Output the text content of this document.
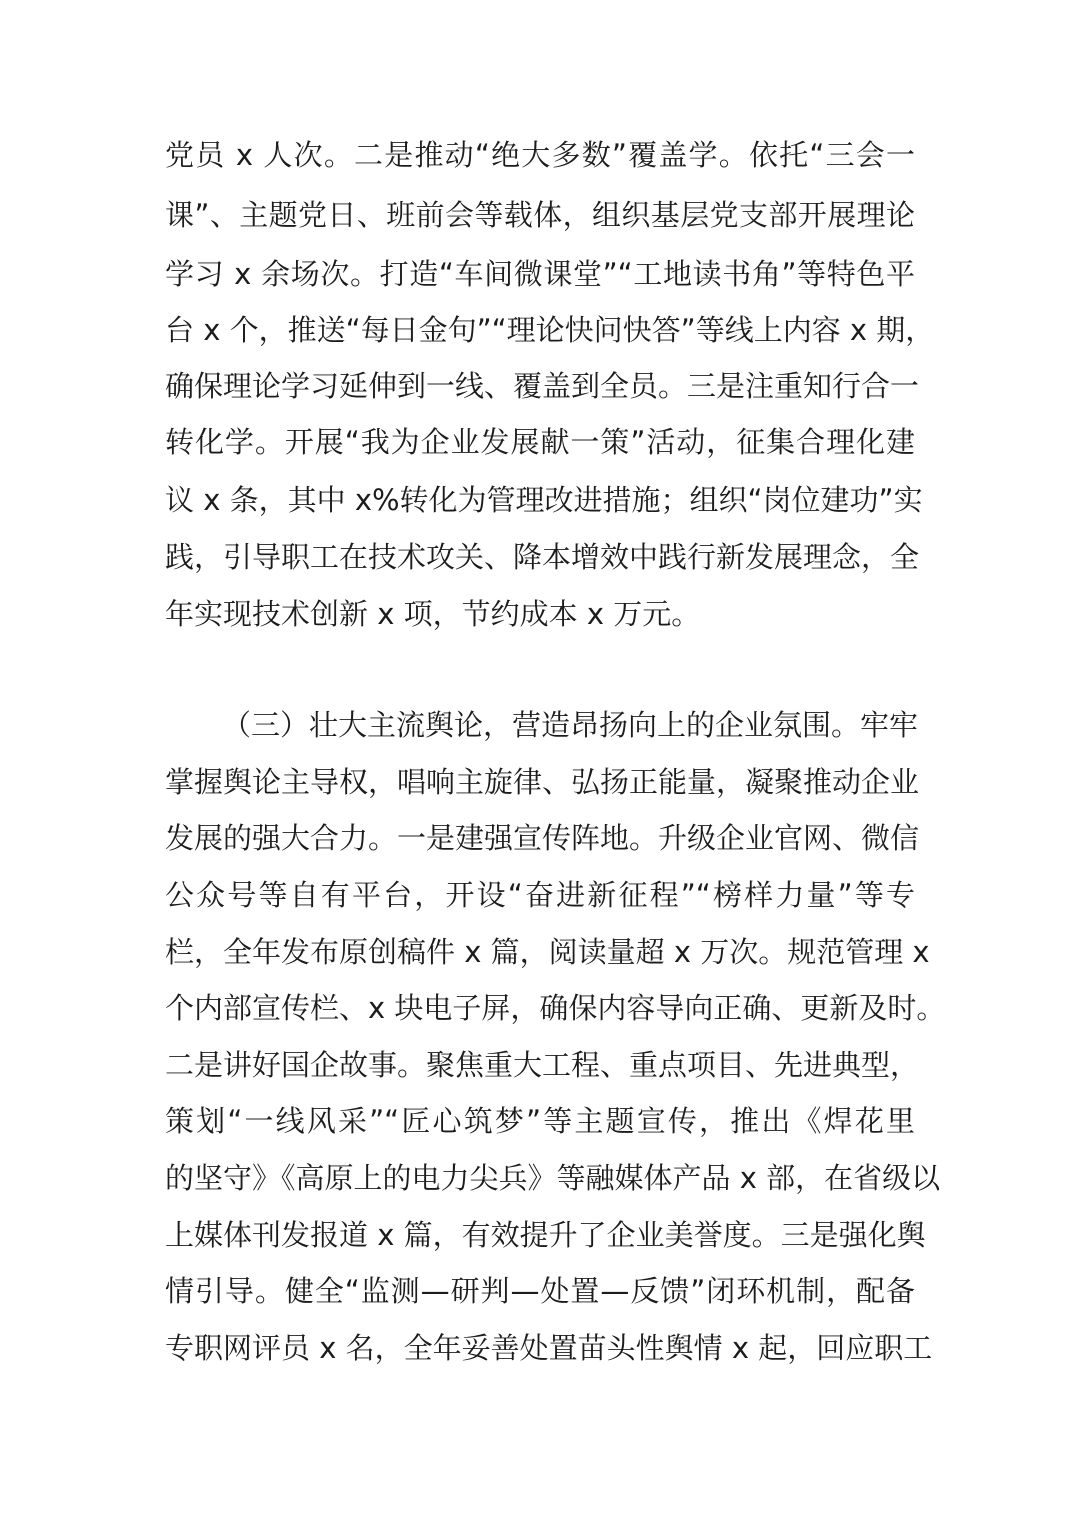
党员 x 人次。二是推动“绝大多数”覆盖学。依托“三会一
课”、主题党日、班前会等载体，组织基层党支部开展理论
学习 x 余场次。打造“车间微课堂”“工地读书角”等特色平
台 x 个，推送“每日金句”“理论快问快答”等线上内容 x 期，
确保理论学习延伸到一线、覆盖到全员。三是注重知行合一
转化学。开展“我为企业发展献一策”活动，征集合理化建
议 x 条，其中 x%转化为管理改进措施；组织“岗位建功”实
践，引导职工在技术攻关、降本增效中践行新发展理念，全
年实现技术创新 x 项，节约成本 x 万元。
（三）壮大主流舆论，营造昂扬向上的企业氛围。牢牢
掌握舆论主导权，唱响主旋律、弘扬正能量，凝聚推动企业
发展的强大合力。一是建强宣传阵地。升级企业官网、微信
公众号等自有平台，开设“奋进新征程”“榜样力量”等专
栏，全年发布原创稿件 x 篇，阅读量超 x 万次。规范管理 x
个内部宣传栏、x 块电子屏，确保内容导向正确、更新及时。
二是讲好国企故事。聚焦重大工程、重点项目、先进典型，
策划“一线风采”“匠心筑梦”等主题宣传，推出《焊花里
的坚守》《高原上的电力尖兵》等融媒体产品 x 部，在省级以
上媒体刊发报道 x 篇，有效提升了企业美誉度。三是强化舆
情引导。健全“监测—研判—处置—反馈”闭环机制，配备
专职网评员 x 名，全年妥善处置苗头性舆情 x 起，回应职工
